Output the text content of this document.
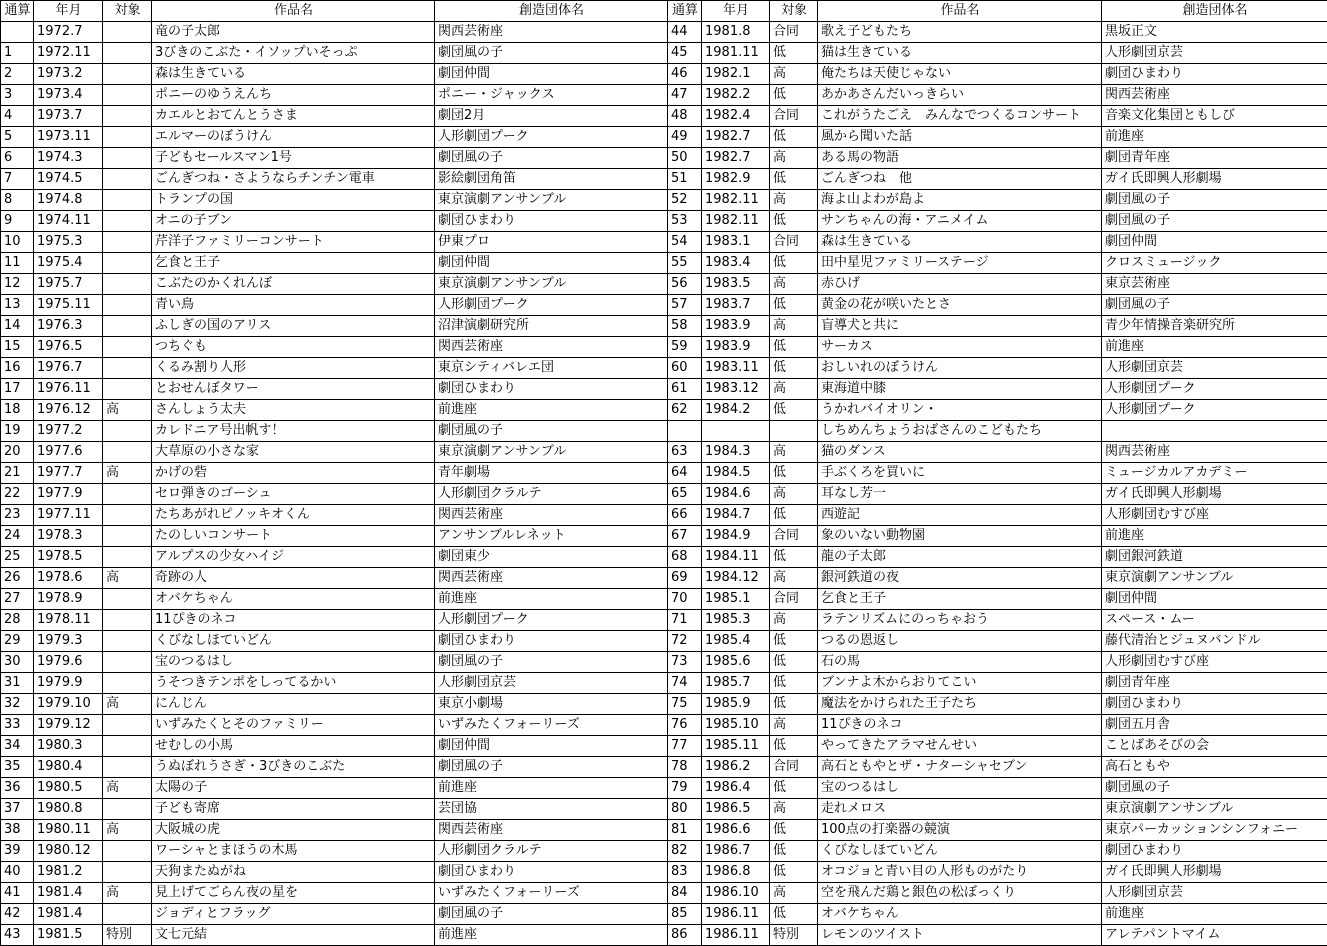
通算	年月	対象	作品名	創造団体名	通算	年月	対象	作品名	創造団体名
	1972.7		竜の子太郎	関西芸術座	44	1981.8	合同	歌え子どもたち	黒坂正文
1	1972.11		3びきのこぶた・イソップいそっぷ	劇団風の子	45	1981.11	低	猫は生きている	人形劇団京芸
2	1973.2		森は生きている	劇団仲間	46	1982.1	高	俺たちは天使じゃない	劇団ひまわり
3	1973.4		ポニーのゆうえんち	ポニー・ジャックス	47	1982.2	低	あかあさんだいっきらい	関西芸術座
4	1973.7		カエルとおてんとうさま	劇団2月	48	1982.4	合同	これがうたごえ　みんなでつくるコンサート	音楽文化集団ともしび
5	1973.11		エルマーのぼうけん	人形劇団プーク	49	1982.7	低	風から聞いた話	前進座
6	1974.3		子どもセールスマン1号	劇団風の子	50	1982.7	高	ある馬の物語	劇団青年座
7	1974.5		ごんぎつね・さようならチンチン電車	影絵劇団角笛	51	1982.9	低	ごんぎつね　他	ガイ氏即興人形劇場
8	1974.8		トランプの国	東京演劇アンサンブル	52	1982.11	高	海よ山よわが島よ	劇団風の子
9	1974.11		オニの子ブン	劇団ひまわり	53	1982.11	低	サンちゃんの海・アニメイム	劇団風の子
10	1975.3		芹洋子ファミリーコンサート	伊東プロ	54	1983.1	合同	森は生きている	劇団仲間
11	1975.4		乞食と王子	劇団仲間	55	1983.4	低	田中星児ファミリーステージ	クロスミュージック
12	1975.7		こぶたのかくれんぼ	東京演劇アンサンブル	56	1983.5	高	赤ひげ	東京芸術座
13	1975.11		青い鳥	人形劇団プーク	57	1983.7	低	黄金の花が咲いたとさ	劇団風の子
14	1976.3		ふしぎの国のアリス	沼津演劇研究所	58	1983.9	高	盲導犬と共に	青少年情操音楽研究所
15	1976.5		つちぐも	関西芸術座	59	1983.9	低	サーカス	前進座
16	1976.7		くるみ割り人形	東京シティバレエ団	60	1983.11	低	おしいれのぼうけん	人形劇団京芸
17	1976.11		とおせんぼタワー	劇団ひまわり	61	1983.12	高	東海道中膝	人形劇団プーク
18	1976.12	高	さんしょう太夫	前進座	62	1984.2	低	うかれバイオリン・	人形劇団プーク
19	1977.2		カレドニア号出帆す！	劇団風の子				しちめんちょうおばさんのこどもたち	
20	1977.6		大草原の小さな家	東京演劇アンサンブル	63	1984.3	高	猫のダンス	関西芸術座
21	1977.7	高	かげの砦	青年劇場	64	1984.5	低	手ぶくろを買いに	ミュージカルアカデミー
22	1977.9		セロ弾きのゴーシュ	人形劇団クラルテ	65	1984.6	高	耳なし芳一	ガイ氏即興人形劇場
23	1977.11		たちあがれピノッキオくん	関西芸術座	66	1984.7	低	西遊記	人形劇団むすび座
24	1978.3		たのしいコンサート	アンサンブルレネット	67	1984.9	合同	象のいない動物園	前進座
25	1978.5		アルプスの少女ハイジ	劇団東少	68	1984.11	低	龍の子太郎	劇団銀河鉄道
26	1978.6	高	奇跡の人	関西芸術座	69	1984.12	高	銀河鉄道の夜	東京演劇アンサンブル
27	1978.9		オバケちゃん	前進座	70	1985.1	合同	乞食と王子	劇団仲間
28	1978.11		11ぴきのネコ	人形劇団プーク	71	1985.3	高	ラテンリズムにのっちゃおう	スペース・ムー
29	1979.3		くびなしほていどん	劇団ひまわり	72	1985.4	低	つるの恩返し	藤代清治とジュヌバンドル
30	1979.6		宝のつるはし	劇団風の子	73	1985.6	低	石の馬	人形劇団むすび座
31	1979.9		うそつきテンポをしってるかい	人形劇団京芸	74	1985.7	低	ブンナよ木からおりてこい	劇団青年座
32	1979.10	高	にんじん	東京小劇場	75	1985.9	低	魔法をかけられた王子たち	劇団ひまわり
33	1979.12		いずみたくとそのファミリー	いずみたくフォーリーズ	76	1985.10	高	11ぴきのネコ	劇団五月舎
34	1980.3		せむしの小馬	劇団仲間	77	1985.11	低	やってきたアラマせんせい	ことばあそびの会
35	1980.4		うぬぼれうさぎ・3びきのこぶた	劇団風の子	78	1986.2	合同	高石ともやとザ・ナターシャセブン	高石ともや
36	1980.5	高	太陽の子	前進座	79	1986.4	低	宝のつるはし	劇団風の子
37	1980.8		子ども寄席	芸団協	80	1986.5	高	走れメロス	東京演劇アンサンブル
38	1980.11	高	大阪城の虎	関西芸術座	81	1986.6	低	100点の打楽器の競演	東京パーカッションシンフォニー
39	1980.12		ワーシャとまほうの木馬	人形劇団クラルテ	82	1986.7	低	くびなしほていどん	劇団ひまわり
40	1981.2		天狗またぬがね	劇団ひまわり	83	1986.8	低	オコジョと青い目の人形ものがたり	ガイ氏即興人形劇場
41	1981.4	高	見上げてごらん夜の星を	いずみたくフォーリーズ	84	1986.10	高	空を飛んだ鶏と銀色の松ぼっくり	人形劇団京芸
42	1981.4		ジョディとフラッグ	劇団風の子	85	1986.11	低	オバケちゃん	前進座
43	1981.5	特別	文七元結	前進座	86	1986.11	特別	レモンのツイスト	アレテパントマイム
